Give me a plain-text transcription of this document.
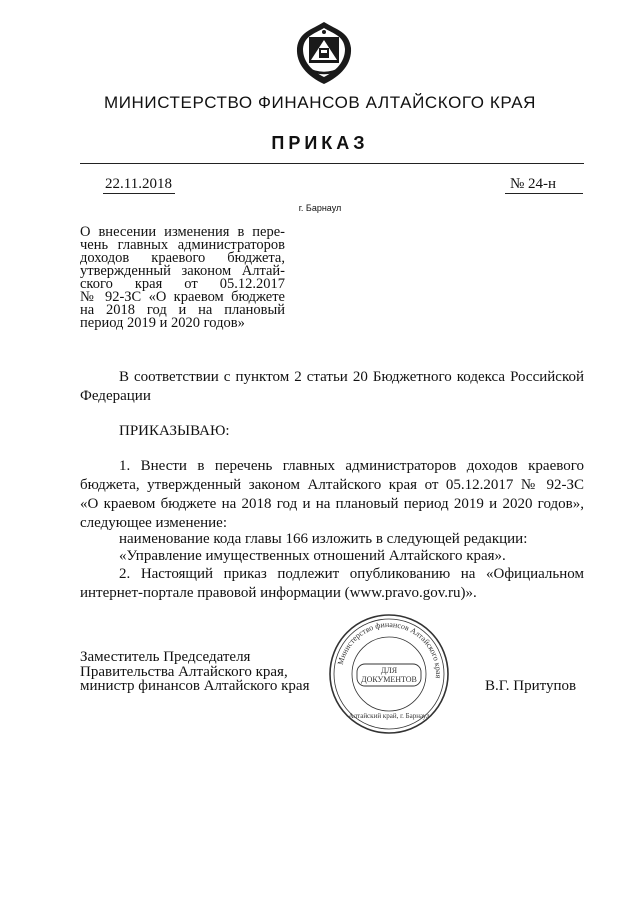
МИНИСТЕРСТВО ФИНАНСОВ АЛТАЙСКОГО КРАЯ
ПРИКАЗ
22.11.2018	№ 24-н
г. Барнаул
О внесении изменения в пере-
чень главных администраторов
доходов краевого бюджета,
утвержденный законом Алтай-
ского края от 05.12.2017
№ 92-ЗС «О краевом бюджете
на 2018 год и на плановый
период 2019 и 2020 годов»
В соответствии с пунктом 2 статьи 20 Бюджетного кодекса Российской
Федерации
ПРИКАЗЫВАЮ:
1. Внести в перечень главных администраторов доходов краевого
бюджета, утвержденный законом Алтайского края от 05.12.2017 № 92-ЗС
«О краевом бюджете на 2018 год и на плановый период 2019 и 2020 годов»,
следующее изменение:
наименование кода главы 166 изложить в следующей редакции:
«Управление имущественных отношений Алтайского края».
2. Настоящий приказ подлежит опубликованию на «Официальном
интернет-портале правовой информации (www.pravo.gov.ru)».
Заместитель Председателя
Правительства Алтайского края,
министр финансов Алтайского края
Министерство финансов Алтайского края
Алтайский край, г. Барнаул
ДЛЯ
ДОКУМЕНТОВ	В.Г. Притупов
